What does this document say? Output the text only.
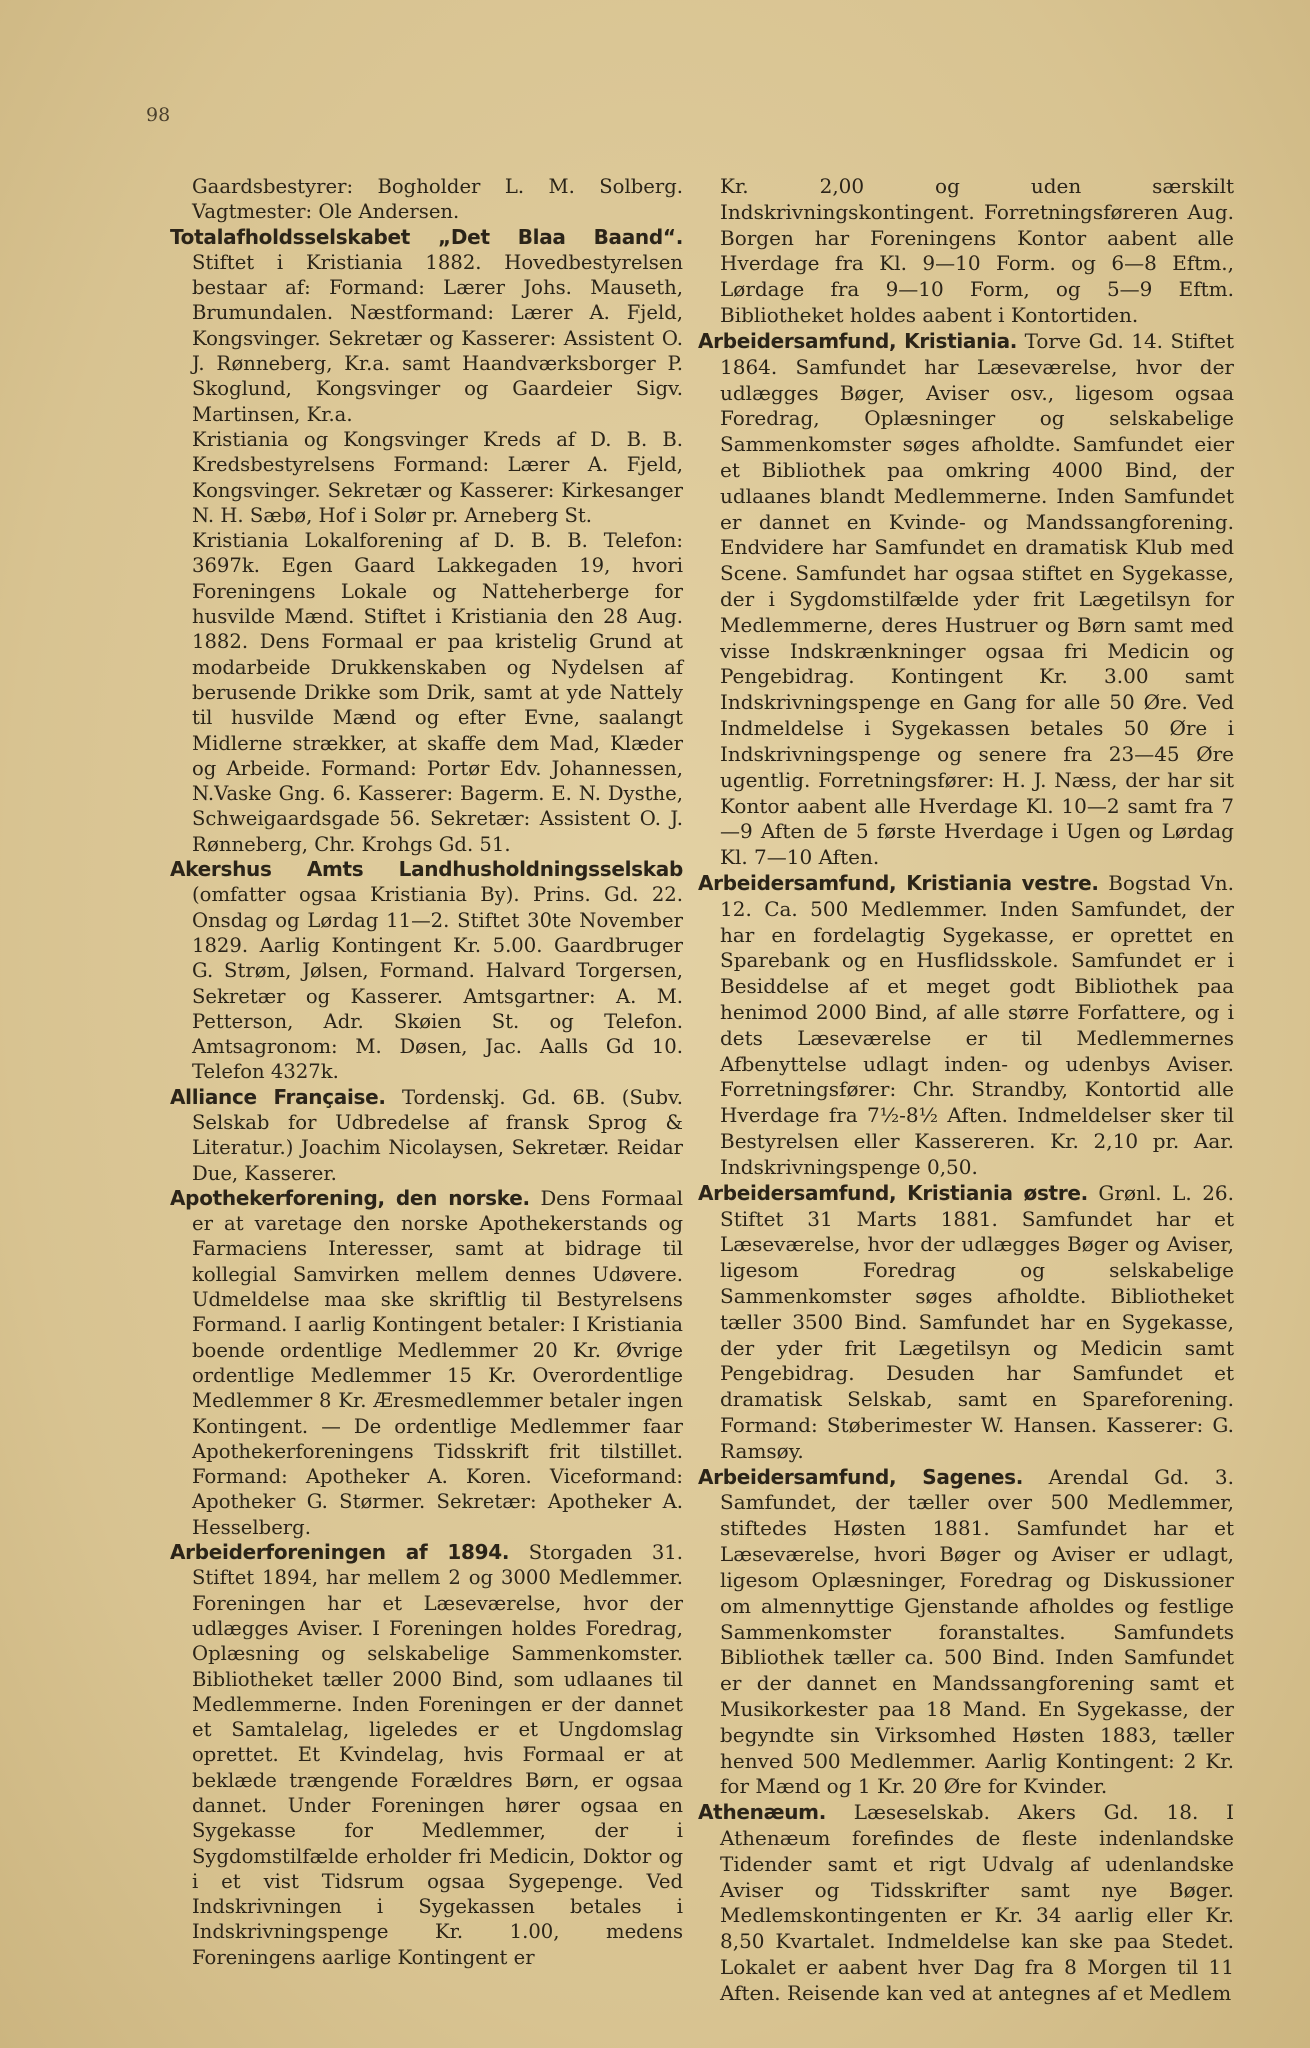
98

Gaardsbestyrer: Bogholder L. M. Solberg. Vagtmester: Ole Andersen.

Totalafholdsselskabet „Det Blaa Baand“. Stiftet i Kristiania 1882. Hovedbestyrelsen bestaar af: Formand: Lærer Johs. Mauseth, Brumundalen. Næstformand: Lærer A. Fjeld, Kongsvinger. Sekretær og Kasserer: Assistent O. J. Rønneberg, Kr.a. samt Haandværksborger P. Skoglund, Kongsvinger og Gaardeier Sigv. Martinsen, Kr.a.

Kristiania og Kongsvinger Kreds af D. B. B. Kredsbestyrelsens Formand: Lærer A. Fjeld, Kongsvinger. Sekretær og Kasserer: Kirkesanger N. H. Sæbø, Hof i Solør pr. Arneberg St.

Kristiania Lokalforening af D. B. B. Telefon: 3697k. Egen Gaard Lakkegaden 19, hvori Foreningens Lokale og Natteherberge for husvilde Mænd. Stiftet i Kristiania den 28 Aug. 1882. Dens Formaal er paa kristelig Grund at modarbeide Drukkenskaben og Nydelsen af berusende Drikke som Drik, samt at yde Nattely til husvilde Mænd og efter Evne, saalangt Midlerne strækker, at skaffe dem Mad, Klæder og Arbeide. Formand: Portør Edv. Johannessen, N.Vaske Gng. 6. Kasserer: Bagerm. E. N. Dysthe, Schweigaardsgade 56. Sekretær: Assistent O. J. Rønneberg, Chr. Krohgs Gd. 51.

Akershus Amts Landhusholdningsselskab (omfatter ogsaa Kristiania By). Prins. Gd. 22. Onsdag og Lørdag 11—2. Stiftet 30te November 1829. Aarlig Kontingent Kr. 5.00. Gaardbruger G. Strøm, Jølsen, Formand. Halvard Torgersen, Sekretær og Kasserer. Amtsgartner: A. M. Petterson, Adr. Skøien St. og Telefon. Amtsagronom: M. Døsen, Jac. Aalls Gd 10. Telefon 4327k.

Alliance Française. Tordenskj. Gd. 6B. (Subv. Selskab for Udbredelse af fransk Sprog & Literatur.) Joachim Nicolaysen, Sekretær. Reidar Due, Kasserer.

Apothekerforening, den norske. Dens Formaal er at varetage den norske Apothekerstands og Farmaciens Interesser, samt at bidrage til kollegial Samvirken mellem dennes Udøvere. Udmeldelse maa ske skriftlig til Bestyrelsens Formand. I aarlig Kontingent betaler: I Kristiania boende ordentlige Medlemmer 20 Kr. Øvrige ordentlige Medlemmer 15 Kr. Overordentlige Medlemmer 8 Kr. Æresmedlemmer betaler ingen Kontingent. — De ordentlige Medlemmer faar Apothekerforeningens Tidsskrift frit tilstillet. Formand: Apotheker A. Koren. Viceformand: Apotheker G. Størmer. Sekretær: Apotheker A. Hesselberg.

Arbeiderforeningen af 1894. Storgaden 31. Stiftet 1894, har mellem 2 og 3000 Medlemmer. Foreningen har et Læseværelse, hvor der udlægges Aviser. I Foreningen holdes Foredrag, Oplæsning og selskabelige Sammenkomster. Bibliotheket tæller 2000 Bind, som udlaanes til Medlemmerne. Inden Foreningen er der dannet et Samtalelag, ligeledes er et Ungdomslag oprettet. Et Kvindelag, hvis Formaal er at beklæde trængende Forældres Børn, er ogsaa dannet. Under Foreningen hører ogsaa en Sygekasse for Medlemmer, der i Sygdomstilfælde erholder fri Medicin, Doktor og i et vist Tidsrum ogsaa Sygepenge. Ved Indskrivningen i Sygekassen betales i Indskrivningspenge Kr. 1.00, medens Foreningens aarlige Kontingent er

Kr. 2,00 og uden særskilt Indskrivningskontingent. Forretningsføreren Aug. Borgen har Foreningens Kontor aabent alle Hverdage fra Kl. 9—10 Form. og 6—8 Eftm., Lørdage fra 9—10 Form, og 5—9 Eftm. Bibliotheket holdes aabent i Kontortiden.

Arbeidersamfund, Kristiania. Torve Gd. 14. Stiftet 1864. Samfundet har Læseværelse, hvor der udlægges Bøger, Aviser osv., ligesom ogsaa Foredrag, Oplæsninger og selskabelige Sammenkomster søges afholdte. Samfundet eier et Bibliothek paa omkring 4000 Bind, der udlaanes blandt Medlemmerne. Inden Samfundet er dannet en Kvinde- og Mandssangforening. Endvidere har Samfundet en dramatisk Klub med Scene. Samfundet har ogsaa stiftet en Sygekasse, der i Sygdomstilfælde yder frit Lægetilsyn for Medlemmerne, deres Hustruer og Børn samt med visse Indskrænkninger ogsaa fri Medicin og Pengebidrag. Kontingent Kr. 3.00 samt Indskrivningspenge en Gang for alle 50 Øre. Ved Indmeldelse i Sygekassen betales 50 Øre i Indskrivningspenge og senere fra 23—45 Øre ugentlig. Forretningsfører: H. J. Næss, der har sit Kontor aabent alle Hverdage Kl. 10—2 samt fra 7—9 Aften de 5 første Hverdage i Ugen og Lørdag Kl. 7—10 Aften.

Arbeidersamfund, Kristiania vestre. Bogstad Vn. 12. Ca. 500 Medlemmer. Inden Samfundet, der har en fordelagtig Sygekasse, er oprettet en Sparebank og en Husflidsskole. Samfundet er i Besiddelse af et meget godt Bibliothek paa henimod 2000 Bind, af alle større Forfattere, og i dets Læseværelse er til Medlemmernes Afbenyttelse udlagt inden- og udenbys Aviser. Forretningsfører: Chr. Strandby, Kontortid alle Hverdage fra 7½-8½ Aften. Indmeldelser sker til Bestyrelsen eller Kassereren. Kr. 2,10 pr. Aar. Indskrivningspenge 0,50.

Arbeidersamfund, Kristiania østre. Grønl. L. 26. Stiftet 31 Marts 1881. Samfundet har et Læseværelse, hvor der udlægges Bøger og Aviser, ligesom Foredrag og selskabelige Sammenkomster søges afholdte. Bibliotheket tæller 3500 Bind. Samfundet har en Sygekasse, der yder frit Lægetilsyn og Medicin samt Pengebidrag. Desuden har Samfundet et dramatisk Selskab, samt en Spareforening. Formand: Støberimester W. Hansen. Kasserer: G. Ramsøy.

Arbeidersamfund, Sagenes. Arendal Gd. 3. Samfundet, der tæller over 500 Medlemmer, stiftedes Høsten 1881. Samfundet har et Læseværelse, hvori Bøger og Aviser er udlagt, ligesom Oplæsninger, Foredrag og Diskussioner om almennyttige Gjenstande afholdes og festlige Sammenkomster foranstaltes. Samfundets Bibliothek tæller ca. 500 Bind. Inden Samfundet er der dannet en Mandssangforening samt et Musikorkester paa 18 Mand. En Sygekasse, der begyndte sin Virksomhed Høsten 1883, tæller henved 500 Medlemmer. Aarlig Kontingent: 2 Kr. for Mænd og 1 Kr. 20 Øre for Kvinder.

Athenæum. Læseselskab. Akers Gd. 18. I Athenæum forefindes de fleste indenlandske Tidender samt et rigt Udvalg af udenlandske Aviser og Tidsskrifter samt nye Bøger. Medlemskontingenten er Kr. 34 aarlig eller Kr. 8,50 Kvartalet. Indmeldelse kan ske paa Stedet. Lokalet er aabent hver Dag fra 8 Morgen til 11 Aften. Reisende kan ved at antegnes af et Medlem
